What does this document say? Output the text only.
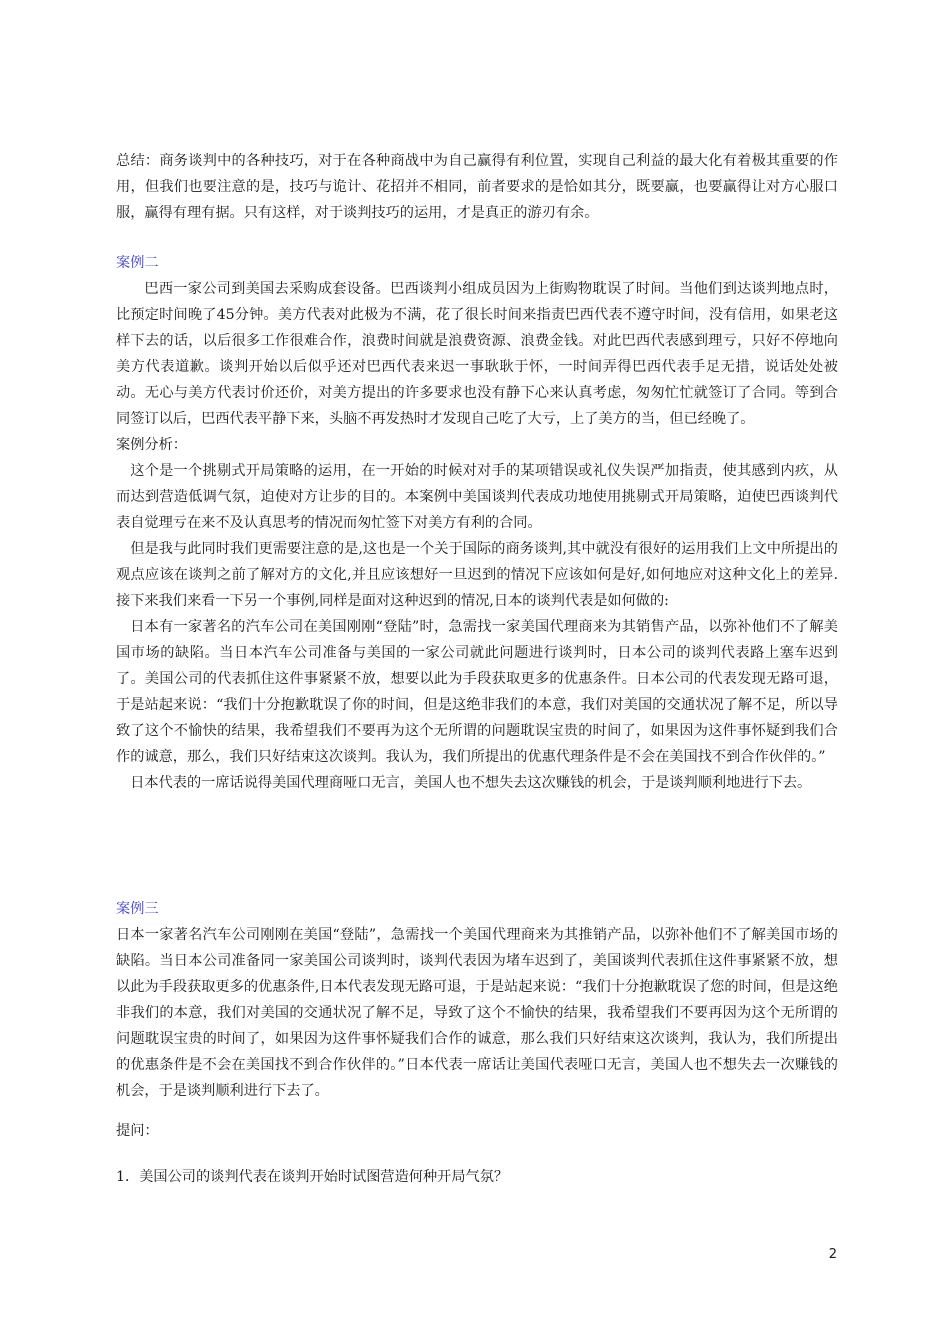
总结：商务谈判中的各种技巧，对于在各种商战中为自己赢得有利位置，实现自己利益的最大化有着极其重要的作用，但我们也要注意的是，技巧与诡计、花招并不相同，前者要求的是恰如其分，既要赢，也要赢得让对方心服口服，赢得有理有据。只有这样，对于谈判技巧的运用，才是真正的游刃有余。

案例二

巴西一家公司到美国去采购成套设备。巴西谈判小组成员因为上街购物耽误了时间。当他们到达谈判地点时，比预定时间晚了45分钟。美方代表对此极为不满，花了很长时间来指责巴西代表不遵守时间，没有信用，如果老这样下去的话，以后很多工作很难合作，浪费时间就是浪费资源、浪费金钱。对此巴西代表感到理亏，只好不停地向美方代表道歉。谈判开始以后似乎还对巴西代表来迟一事耿耿于怀，一时间弄得巴西代表手足无措，说话处处被动。无心与美方代表讨价还价，对美方提出的许多要求也没有静下心来认真考虑，匆匆忙忙就签订了合同。等到合同签订以后，巴西代表平静下来，头脑不再发热时才发现自己吃了大亏，上了美方的当，但已经晚了。

案例分析：

这个是一个挑剔式开局策略的运用，在一开始的时候对对手的某项错误或礼仪失误严加指责，使其感到内疚，从而达到营造低调气氛，迫使对方让步的目的。本案例中美国谈判代表成功地使用挑剔式开局策略，迫使巴西谈判代表自觉理亏在来不及认真思考的情况而匆忙签下对美方有利的合同。

但是我与此同时我们更需要注意的是,这也是一个关于国际的商务谈判,其中就没有很好的运用我们上文中所提出的观点应该在谈判之前了解对方的文化,并且应该想好一旦迟到的情况下应该如何是好,如何地应对这种文化上的差异.接下来我们来看一下另一个事例,同样是面对这种迟到的情况,日本的谈判代表是如何做的:

日本有一家著名的汽车公司在美国刚刚“登陆”时，急需找一家美国代理商来为其销售产品，以弥补他们不了解美国市场的缺陷。当日本汽车公司准备与美国的一家公司就此问题进行谈判时，日本公司的谈判代表路上塞车迟到了。美国公司的代表抓住这件事紧紧不放，想要以此为手段获取更多的优惠条件。日本公司的代表发现无路可退，于是站起来说：“我们十分抱歉耽误了你的时间，但是这绝非我们的本意，我们对美国的交通状况了解不足，所以导致了这个不愉快的结果，我希望我们不要再为这个无所谓的问题耽误宝贵的时间了，如果因为这件事怀疑到我们合作的诚意，那么，我们只好结束这次谈判。我认为，我们所提出的优惠代理条件是不会在美国找不到合作伙伴的。”

日本代表的一席话说得美国代理商哑口无言，美国人也不想失去这次赚钱的机会，于是谈判顺利地进行下去。

案例三

日本一家著名汽车公司刚刚在美国“登陆”，急需找一个美国代理商来为其推销产品，以弥补他们不了解美国市场的缺陷。当日本公司准备同一家美国公司谈判时，谈判代表因为堵车迟到了，美国谈判代表抓住这件事紧紧不放，想以此为手段获取更多的优惠条件,日本代表发现无路可退，于是站起来说：“我们十分抱歉耽误了您的时间，但是这绝非我们的本意，我们对美国的交通状况了解不足，导致了这个不愉快的结果，我希望我们不要再因为这个无所谓的问题耽误宝贵的时间了，如果因为这件事怀疑我们合作的诚意，那么我们只好结束这次谈判，我认为，我们所提出的优惠条件是不会在美国找不到合作伙伴的。”日本代表一席话让美国代表哑口无言，美国人也不想失去一次赚钱的机会，于是谈判顺利进行下去了。

提问：

1．美国公司的谈判代表在谈判开始时试图营造何种开局气氛？

2
